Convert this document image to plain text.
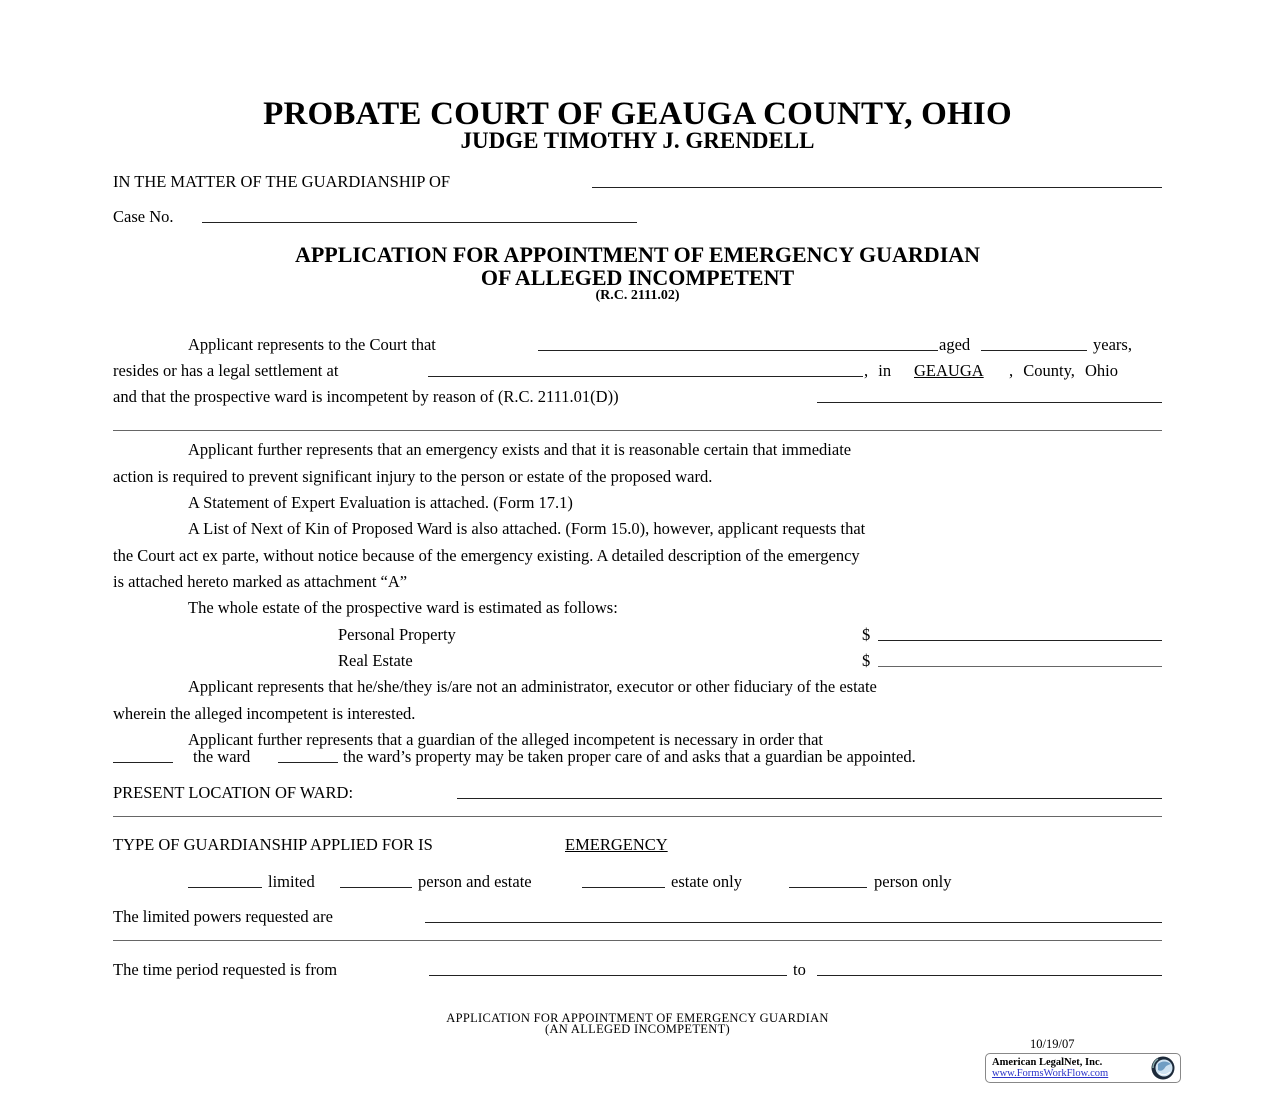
PROBATE COURT OF GEAUGA COUNTY, OHIO
JUDGE TIMOTHY J. GRENDELL
IN THE MATTER OF THE GUARDIANSHIP OF
Case No.
APPLICATION FOR APPOINTMENT OF EMERGENCY GUARDIAN
OF ALLEGED INCOMPETENT
(R.C. 2111.02)
Applicant represents to the Court that	aged	years,
resides or has a legal settlement at	, in GEAUGA , County, Ohio
and that the prospective ward is incompetent by reason of (R.C. 2111.01(D))
Applicant further represents that an emergency exists and that it is reasonable certain that immediate
action is required to prevent significant injury to the person or estate of the proposed ward.
A Statement of Expert Evaluation is attached. (Form 17.1)
A List of Next of Kin of Proposed Ward is also attached. (Form 15.0), however, applicant requests that
the Court act ex parte, without notice because of the emergency existing. A detailed description of the emergency
is attached hereto marked as attachment “A”
The whole estate of the prospective ward is estimated as follows:
Personal Property	$
Real Estate	$
Applicant represents that he/she/they is/are not an administrator, executor or other fiduciary of the estate
wherein the alleged incompetent is interested.
Applicant further represents that a guardian of the alleged incompetent is necessary in order that
the ward	the ward’s property may be taken proper care of and asks that a guardian be appointed.
PRESENT LOCATION OF WARD:
TYPE OF GUARDIANSHIP APPLIED FOR IS	EMERGENCY
limited	person and estate	estate only	person only
The limited powers requested are
The time period requested is from	to
APPLICATION FOR APPOINTMENT OF EMERGENCY GUARDIAN
(AN ALLEGED INCOMPETENT)
10/19/07
American LegalNet, Inc.
www.FormsWorkFlow.com
